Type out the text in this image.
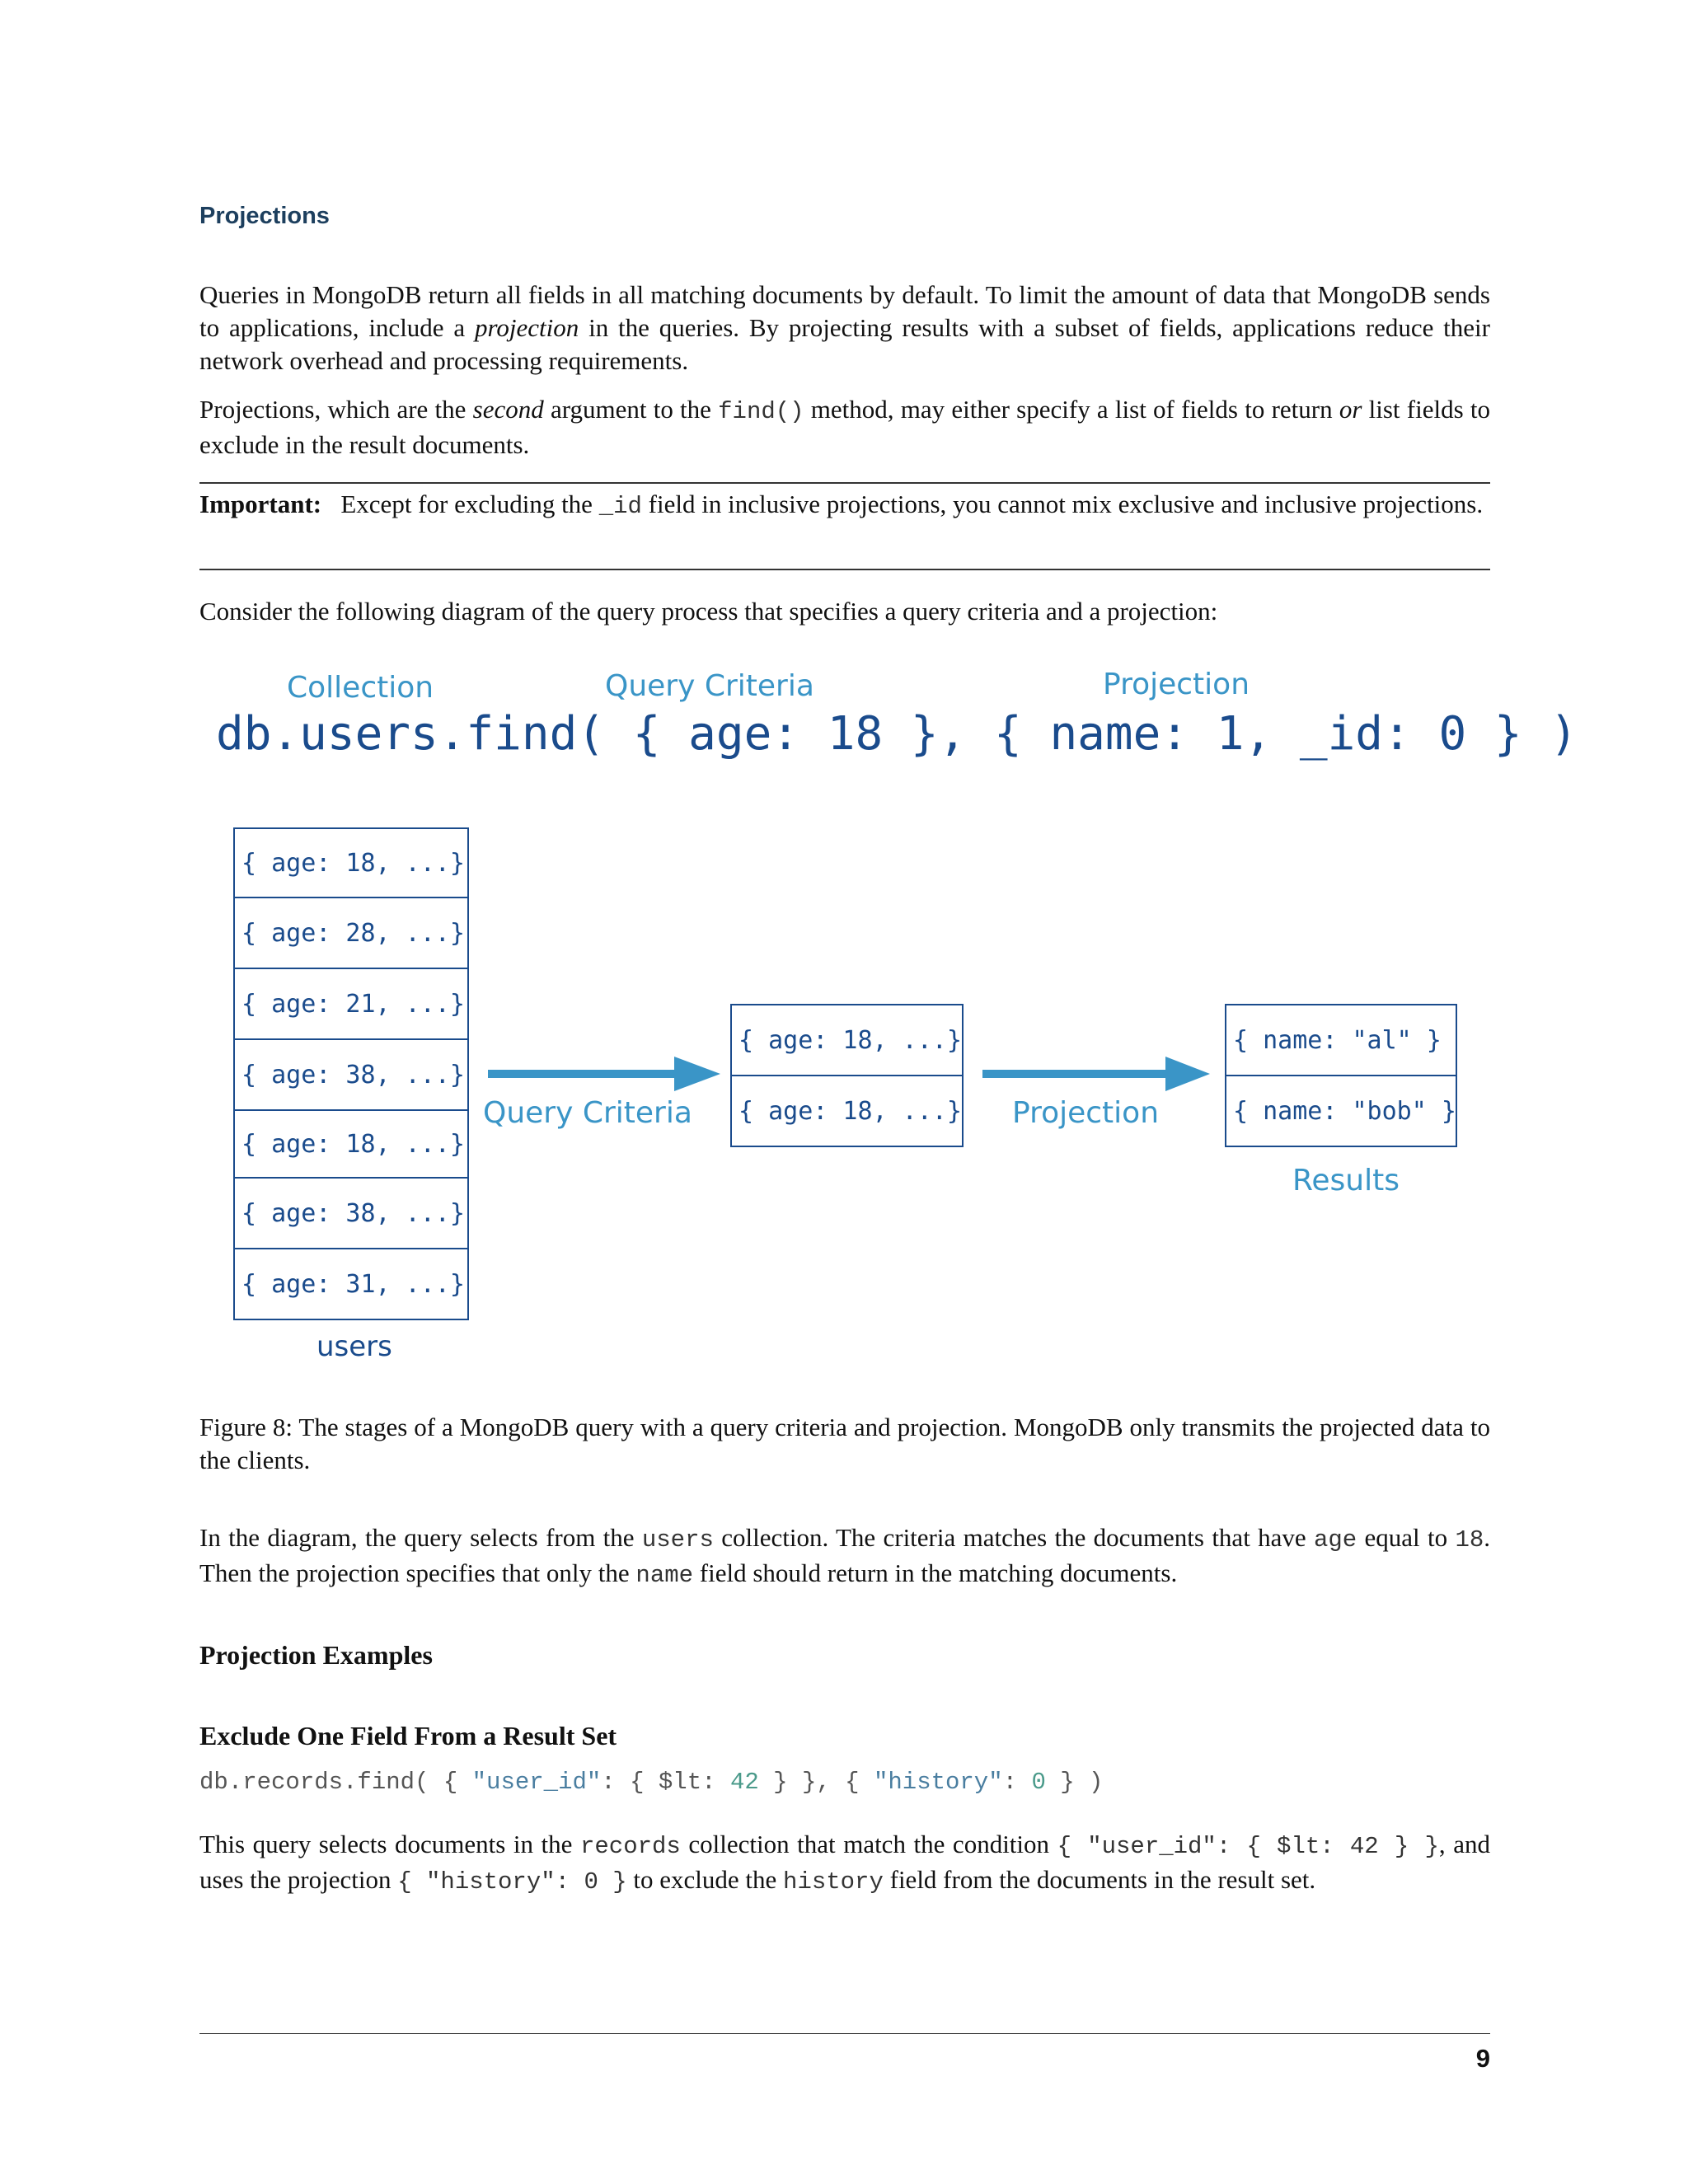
Projections
Queries in MongoDB return all fields in all matching documents by default. To limit the amount of data that MongoDB sends to applications, include a projection in the queries. By projecting results with a subset of fields, applications reduce their network overhead and processing requirements.
Projections, which are the second argument to the find() method, may either specify a list of fields to return or list fields to exclude in the result documents.
Important: Except for excluding the _id field in inclusive projections, you cannot mix exclusive and inclusive projections.
Consider the following diagram of the query process that specifies a query criteria and a projection:
Collection	Query Criteria	Projection
db.users.find( { age: 18 }, { name: 1, _id: 0 } )
{ age: 18, ...}
{ age: 28, ...}
{ age: 21, ...}
{ age: 38, ...}
{ age: 18, ...}
{ age: 38, ...}
{ age: 31, ...}
users
Query Criteria
{ age: 18, ...}
{ age: 18, ...} Projection
{ name: "al" }
{ name: "bob" }
Results
Figure 8: The stages of a MongoDB query with a query criteria and projection. MongoDB only transmits the projected data to the clients.
In the diagram, the query selects from the users collection. The criteria matches the documents that have age equal to 18. Then the projection specifies that only the name field should return in the matching documents.
Projection Examples
Exclude One Field From a Result Set
db.records.find( { "user_id": { $lt: 42 } }, { "history": 0 } )
This query selects documents in the records collection that match the condition { "user_id": { $lt: 42 } }, and uses the projection { "history": 0 } to exclude the history field from the documents in the result set.
9
